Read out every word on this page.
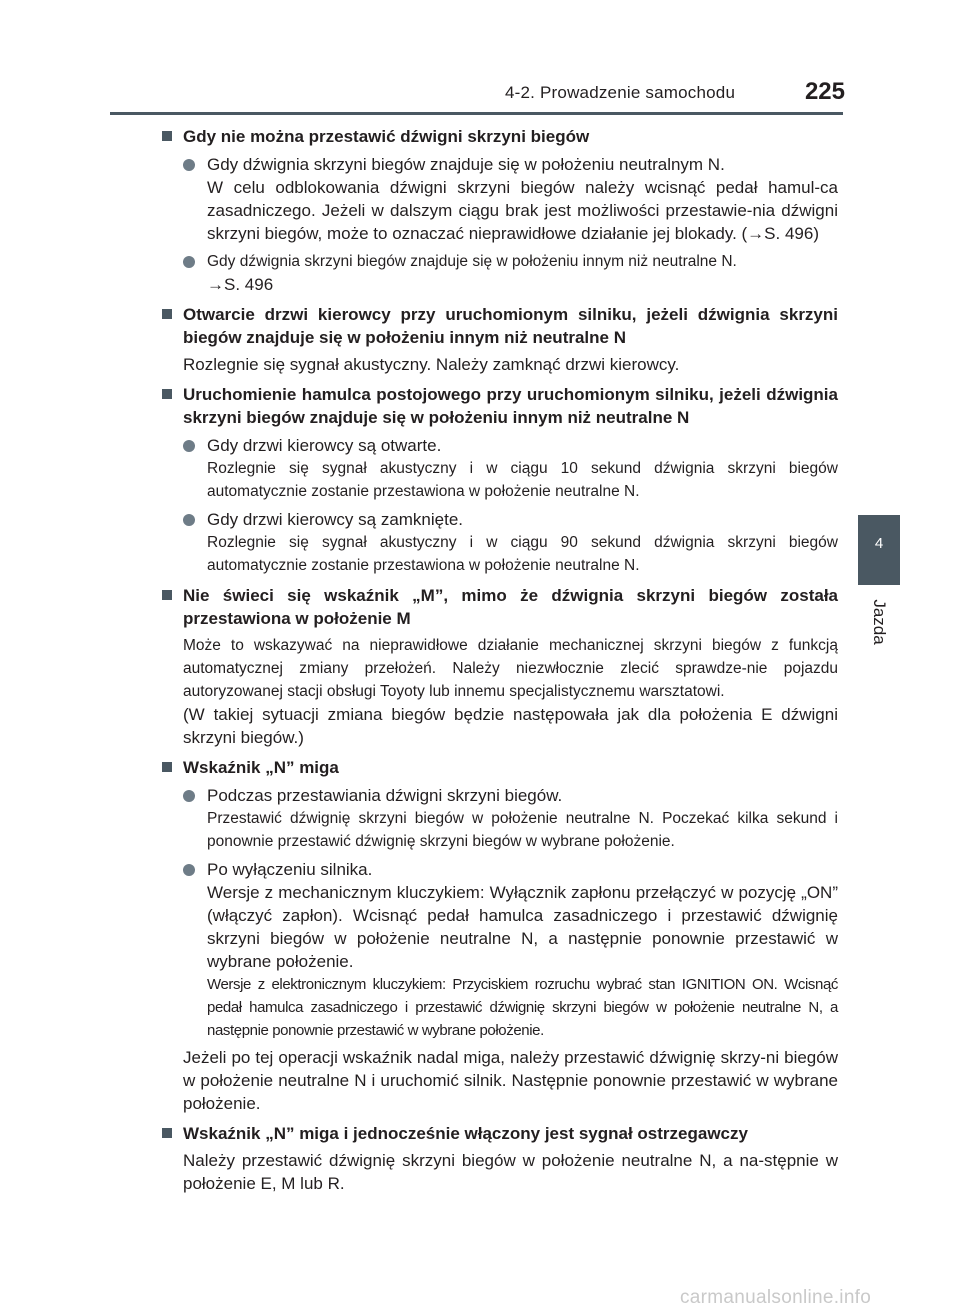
4-2. Prowadzenie samochodu	225
4
Jazda
Gdy nie można przestawić dźwigni skrzyni biegów
Gdy dźwignia skrzyni biegów znajduje się w położeniu neutralnym N.
W celu odblokowania dźwigni skrzyni biegów należy wcisnąć pedał hamul-ca zasadniczego. Jeżeli w dalszym ciągu brak jest możliwości przestawie-nia dźwigni skrzyni biegów, może to oznaczać nieprawidłowe działanie jej blokady. (→S. 496)
Gdy dźwignia skrzyni biegów znajduje się w położeniu innym niż neutralne N.
→S. 496
Otwarcie drzwi kierowcy przy uruchomionym silniku, jeżeli dźwignia skrzyni biegów znajduje się w położeniu innym niż neutralne N
Rozlegnie się sygnał akustyczny. Należy zamknąć drzwi kierowcy.
Uruchomienie hamulca postojowego przy uruchomionym silniku, jeżeli dźwignia skrzyni biegów znajduje się w położeniu innym niż neutralne N
Gdy drzwi kierowcy są otwarte.
Rozlegnie się sygnał akustyczny i w ciągu 10 sekund dźwignia skrzyni biegów automatycznie zostanie przestawiona w położenie neutralne N.
Gdy drzwi kierowcy są zamknięte.
Rozlegnie się sygnał akustyczny i w ciągu 90 sekund dźwignia skrzyni biegów automatycznie zostanie przestawiona w położenie neutralne N.
Nie świeci się wskaźnik „M”, mimo że dźwignia skrzyni biegów została przestawiona w położenie M
Może to wskazywać na nieprawidłowe działanie mechanicznej skrzyni biegów z funkcją automatycznej zmiany przełożeń. Należy niezwłocznie zlecić sprawdze-nie pojazdu autoryzowanej stacji obsługi Toyoty lub innemu specjalistycznemu warsztatowi.
(W takiej sytuacji zmiana biegów będzie następowała jak dla położenia E dźwigni skrzyni biegów.)
Wskaźnik „N” miga
Podczas przestawiania dźwigni skrzyni biegów.
Przestawić dźwignię skrzyni biegów w położenie neutralne N. Poczekać kilka sekund i ponownie przestawić dźwignię skrzyni biegów w wybrane położenie.
Po wyłączeniu silnika.
Wersje z mechanicznym kluczykiem: Wyłącznik zapłonu przełączyć w pozycję „ON” (włączyć zapłon). Wcisnąć pedał hamulca zasadniczego i przestawić dźwignię skrzyni biegów w położenie neutralne N, a następnie ponownie przestawić w wybrane położenie.
Wersje z elektronicznym kluczykiem: Przyciskiem rozruchu wybrać stan IGNITION ON. Wcisnąć pedał hamulca zasadniczego i przestawić dźwignię skrzyni biegów w położenie neutralne N, a następnie ponownie przestawić w wybrane położenie.
Jeżeli po tej operacji wskaźnik nadal miga, należy przestawić dźwignię skrzy-ni biegów w położenie neutralne N i uruchomić silnik. Następnie ponownie przestawić w wybrane położenie.
Wskaźnik „N” miga i jednocześnie włączony jest sygnał ostrzegawczy
Należy przestawić dźwignię skrzyni biegów w położenie neutralne N, a na-stępnie w położenie E, M lub R.
carmanualsonline.info
